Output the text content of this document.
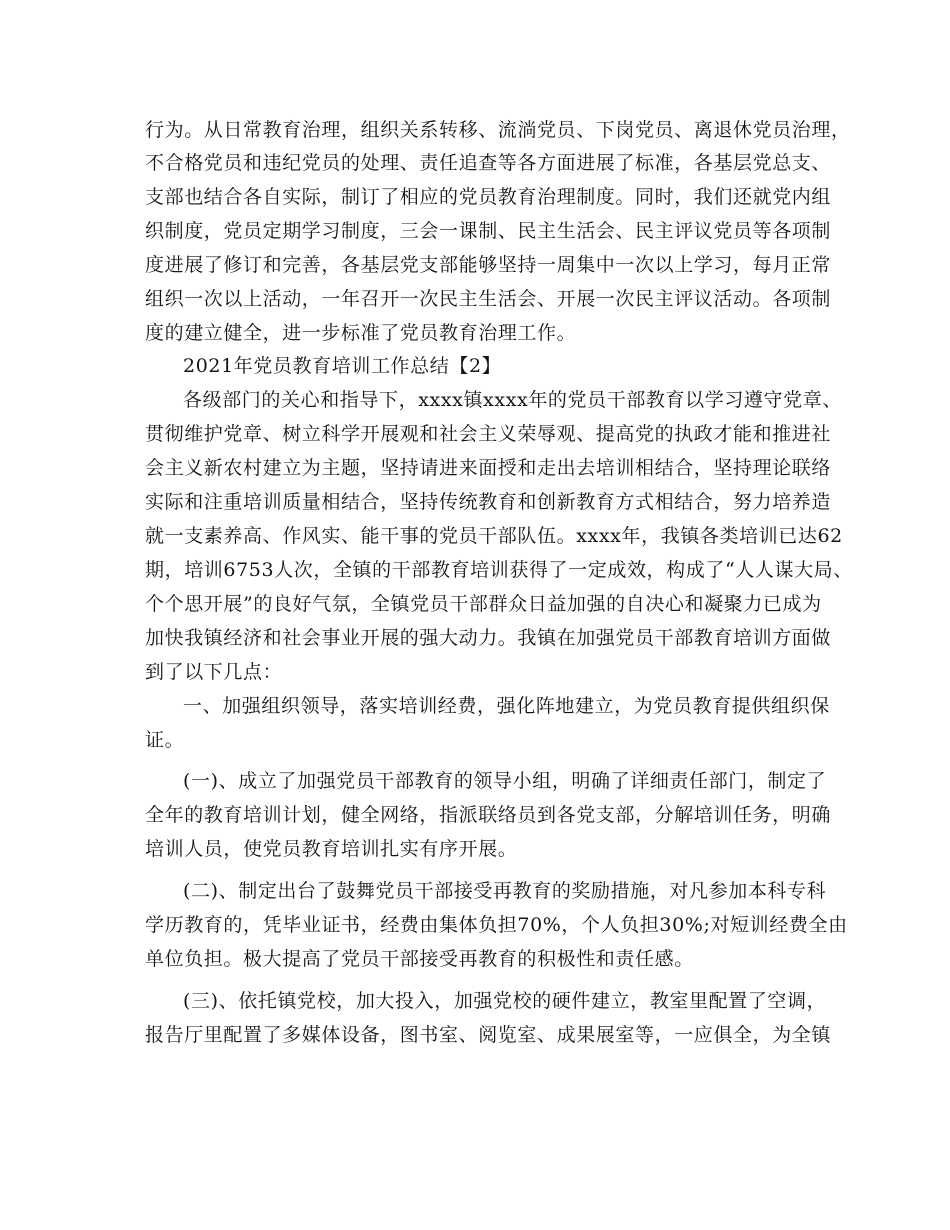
行为。从日常教育治理，组织关系转移、流淌党员、下岗党员、离退休党员治理，
不合格党员和违纪党员的处理、责任追查等各方面进展了标准，各基层党总支、
支部也结合各自实际，制订了相应的党员教育治理制度。同时，我们还就党内组
织制度，党员定期学习制度，三会一课制、民主生活会、民主评议党员等各项制
度进展了修订和完善，各基层党支部能够坚持一周集中一次以上学习，每月正常
组织一次以上活动，一年召开一次民主生活会、开展一次民主评议活动。各项制
度的建立健全，进一步标准了党员教育治理工作。
2021年党员教育培训工作总结【2】
各级部门的关心和指导下，xxxx镇xxxx年的党员干部教育以学习遵守党章、
贯彻维护党章、树立科学开展观和社会主义荣辱观、提高党的执政才能和推进社
会主义新农村建立为主题，坚持请进来面授和走出去培训相结合，坚持理论联络
实际和注重培训质量相结合，坚持传统教育和创新教育方式相结合，努力培养造
就一支素养高、作风实、能干事的党员干部队伍。xxxx年，我镇各类培训已达62
期，培训6753人次，全镇的干部教育培训获得了一定成效，构成了“人人谋大局、
个个思开展”的良好气氛，全镇党员干部群众日益加强的自决心和凝聚力已成为
加快我镇经济和社会事业开展的强大动力。我镇在加强党员干部教育培训方面做
到了以下几点：
一、加强组织领导，落实培训经费，强化阵地建立，为党员教育提供组织保
证。
(一)、成立了加强党员干部教育的领导小组，明确了详细责任部门，制定了
全年的教育培训计划，健全网络，指派联络员到各党支部，分解培训任务，明确
培训人员，使党员教育培训扎实有序开展。
(二)、制定出台了鼓舞党员干部接受再教育的奖励措施，对凡参加本科专科
学历教育的，凭毕业证书，经费由集体负担70%，个人负担30%;对短训经费全由
单位负担。极大提高了党员干部接受再教育的积极性和责任感。
(三)、依托镇党校，加大投入，加强党校的硬件建立，教室里配置了空调，
报告厅里配置了多媒体设备，图书室、阅览室、成果展室等，一应俱全，为全镇
